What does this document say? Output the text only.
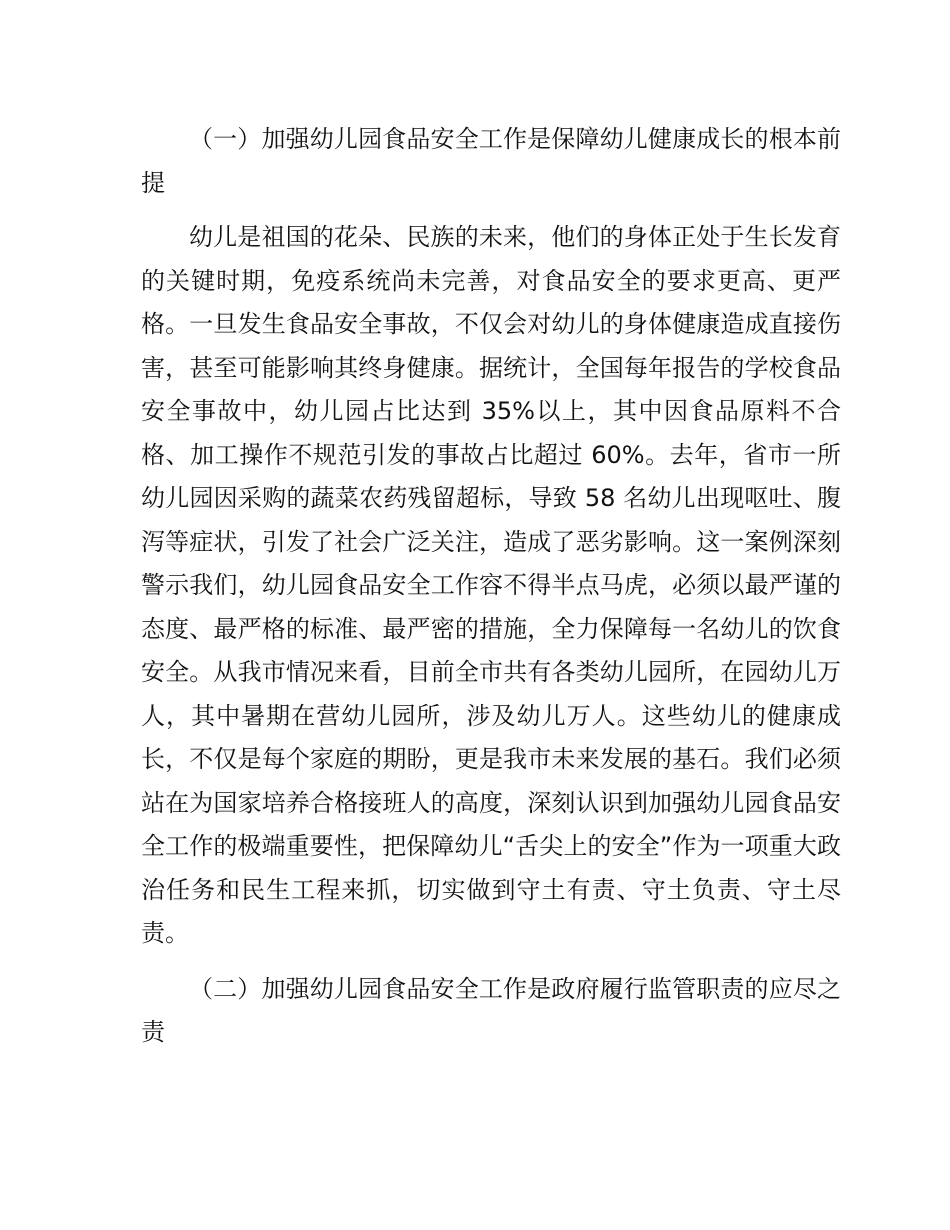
（一）加强幼儿园食品安全工作是保障幼儿健康成长的根本前提

幼儿是祖国的花朵、民族的未来，他们的身体正处于生长发育的关键时期，免疫系统尚未完善，对食品安全的要求更高、更严格。一旦发生食品安全事故，不仅会对幼儿的身体健康造成直接伤害，甚至可能影响其终身健康。据统计，全国每年报告的学校食品安全事故中，幼儿园占比达到 35%以上，其中因食品原料不合格、加工操作不规范引发的事故占比超过 60%。去年，省市一所幼儿园因采购的蔬菜农药残留超标，导致 58 名幼儿出现呕吐、腹泻等症状，引发了社会广泛关注，造成了恶劣影响。这一案例深刻警示我们，幼儿园食品安全工作容不得半点马虎，必须以最严谨的态度、最严格的标准、最严密的措施，全力保障每一名幼儿的饮食安全。从我市情况来看，目前全市共有各类幼儿园所，在园幼儿万人，其中暑期在营幼儿园所，涉及幼儿万人。这些幼儿的健康成长，不仅是每个家庭的期盼，更是我市未来发展的基石。我们必须站在为国家培养合格接班人的高度，深刻认识到加强幼儿园食品安全工作的极端重要性，把保障幼儿“舌尖上的安全”作为一项重大政治任务和民生工程来抓，切实做到守土有责、守土负责、守土尽责。

（二）加强幼儿园食品安全工作是政府履行监管职责的应尽之责
